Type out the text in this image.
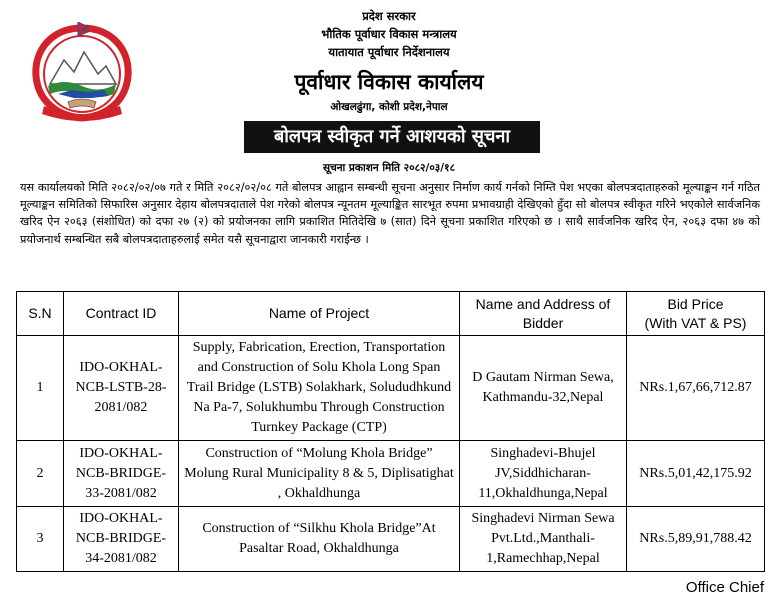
प्रदेश सरकार
भौतिक पूर्वाधार विकास मन्त्रालय
यातायात पूर्वाधार निर्देशनालय
पूर्वाधार विकास कार्यालय
ओखलढुंगा, कोशी प्रदेश,नेपाल
बोलपत्र स्वीकृत गर्ने आशयको सूचना
सूचना प्रकाशन मिति २०८२/०३/१८

यस कार्यालयको मिति २०८२/०२/०७ गते र मिति २०८२/०२/०८ गते बोलपत्र आह्वान सम्बन्धी सूचना अनुसार निर्माण कार्य गर्नको निम्ति पेश भएका बोलपत्रदाताहरुको मूल्याङ्कन गर्न गठित मूल्याङ्कन समितिको सिफारिस अनुसार देहाय बोलपत्रदाताले पेश गरेको बोलपत्र न्यूनतम मूल्याङ्कित सारभूत रुपमा प्रभावग्राही देखिएको हुँदा सो बोलपत्र स्वीकृत गरिने भएकोले सार्वजनिक खरिद ऐन २०६३ (संशोधित) को दफा २७ (२) को प्रयोजनका लागि प्रकाशित मितिदेखि ७ (सात) दिने सूचना प्रकाशित गरिएको छ । साथै सार्वजनिक खरिद ऐन, २०६३ दफा ४७ को प्रयोजनार्थ सम्बन्धित सबै बोलपत्रदाताहरुलाई समेत यसै सूचनाद्वारा जानकारी गराईन्छ ।

S.N	Contract ID	Name of Project	Name and Address of
Bidder	Bid Price
(With VAT & PS)
1	IDO-OKHAL-NCB-LSTB-28-2081/082	Supply, Fabrication, Erection, Transportation and Construction of Solu Khola Long Span Trail Bridge (LSTB) Solakhark, Solududhkund Na Pa-7, Solukhumbu Through Construction Turnkey Package (CTP)	D Gautam Nirman Sewa, Kathmandu-32,Nepal	NRs.1,67,66,712.87
2	IDO-OKHAL-NCB-BRIDGE-33-2081/082	Construction of “Molung Khola Bridge” Molung Rural Municipality 8 & 5, Diplisatighat , Okhaldhunga	Singhadevi-Bhujel JV,Siddhicharan-11,Okhaldhunga,Nepal	NRs.5,01,42,175.92
3	IDO-OKHAL-NCB-BRIDGE-34-2081/082	Construction of “Silkhu Khola Bridge”At Pasaltar Road, Okhaldhunga	Singhadevi Nirman Sewa Pvt.Ltd.,Manthali-1,Ramechhap,Nepal	NRs.5,89,91,788.42
Office Chief
